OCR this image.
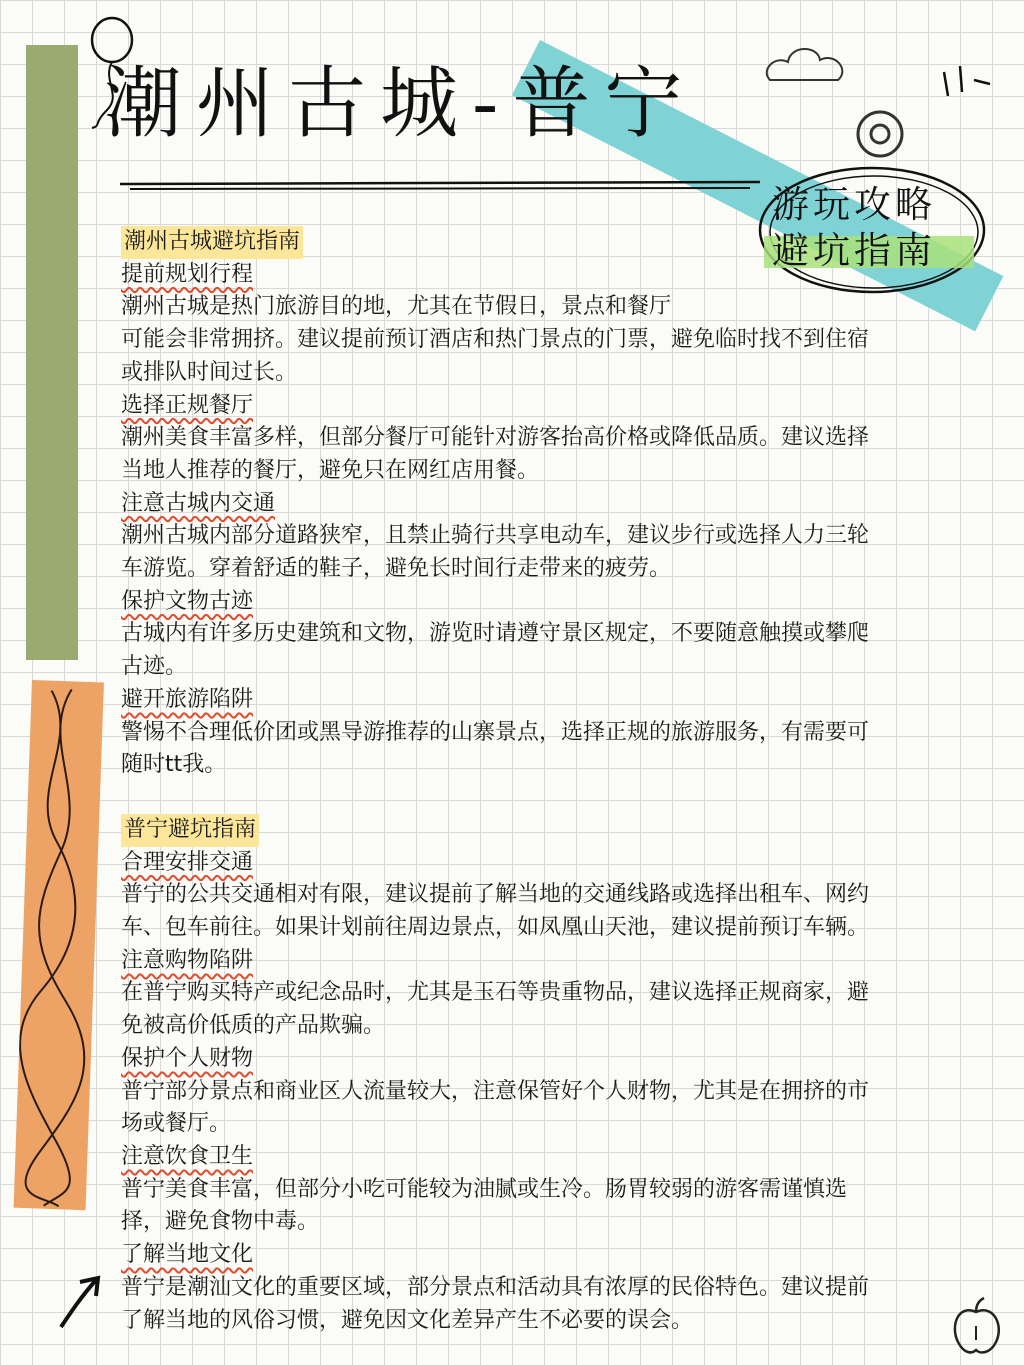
潮州古城-普宁

游玩攻略
避坑指南

潮州古城避坑指南
提前规划行程

潮州古城是热门旅游目的地，尤其在节假日，景点和餐厅
可能会非常拥挤。建议提前预订酒店和热门景点的门票，避免临时找不到住宿
或排队时间过长。

选择正规餐厅

潮州美食丰富多样，但部分餐厅可能针对游客抬高价格或降低品质。建议选择
当地人推荐的餐厅，避免只在网红店用餐。

注意古城内交通

潮州古城内部分道路狭窄，且禁止骑行共享电动车，建议步行或选择人力三轮
车游览。穿着舒适的鞋子，避免长时间行走带来的疲劳。

保护文物古迹

古城内有许多历史建筑和文物，游览时请遵守景区规定，不要随意触摸或攀爬
古迹。

避开旅游陷阱

警惕不合理低价团或黑导游推荐的山寨景点，选择正规的旅游服务，有需要可
随时tt我。

普宁避坑指南
合理安排交通

普宁的公共交通相对有限，建议提前了解当地的交通线路或选择出租车、网约
车、包车前往。如果计划前往周边景点，如凤凰山天池，建议提前预订车辆。

注意购物陷阱

在普宁购买特产或纪念品时，尤其是玉石等贵重物品，建议选择正规商家，避
免被高价低质的产品欺骗。

保护个人财物

普宁部分景点和商业区人流量较大，注意保管好个人财物，尤其是在拥挤的市
场或餐厅。

注意饮食卫生

普宁美食丰富，但部分小吃可能较为油腻或生冷。肠胃较弱的游客需谨慎选
择，避免食物中毒。

了解当地文化

普宁是潮汕文化的重要区域，部分景点和活动具有浓厚的民俗特色。建议提前
了解当地的风俗习惯，避免因文化差异产生不必要的误会。
